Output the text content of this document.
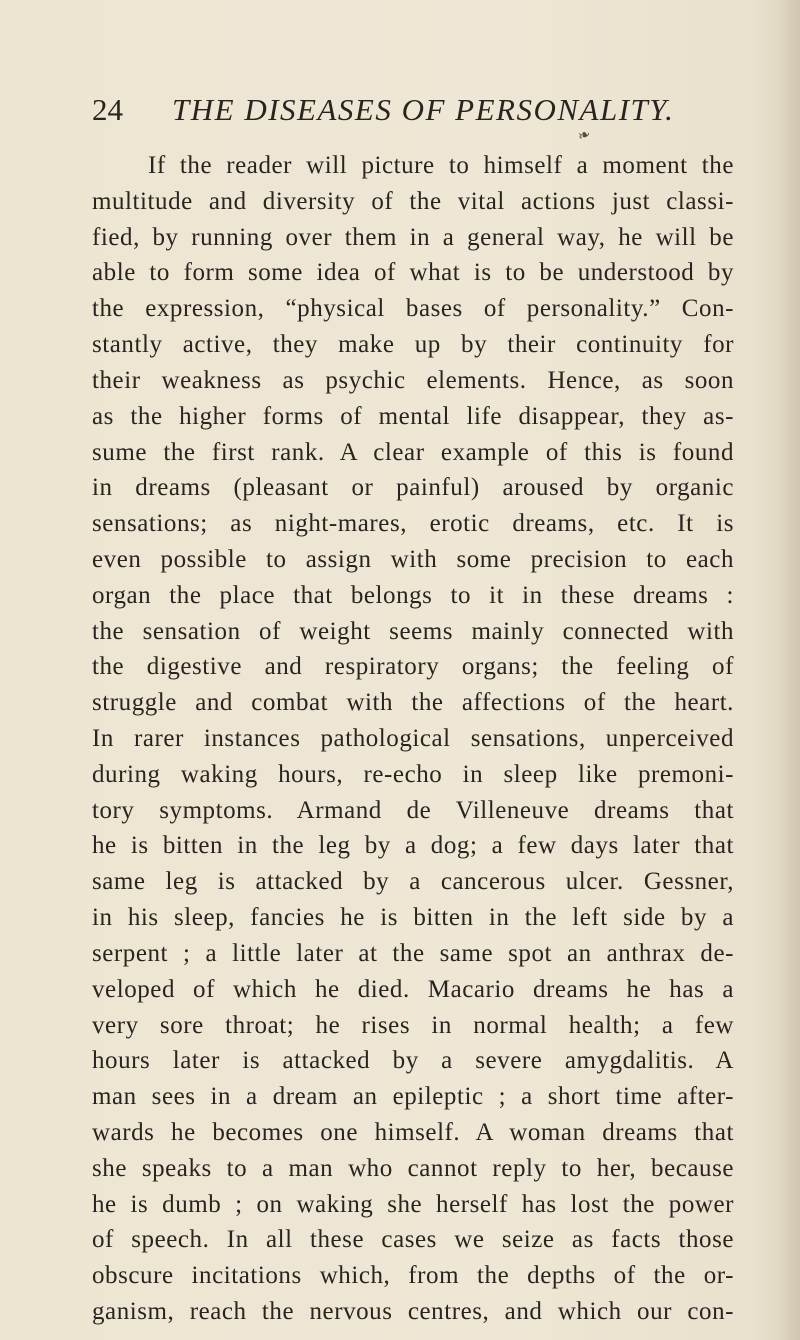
24	THE DISEASES OF PERSONALITY.
❧
If the reader will picture to himself a moment the
multitude and diversity of the vital actions just classi-
fied, by running over them in a general way, he will be
able to form some idea of what is to be understood by
the expression, “physical bases of personality.” Con-
stantly active, they make up by their continuity for
their weakness as psychic elements. Hence, as soon
as the higher forms of mental life disappear, they as-
sume the first rank. A clear example of this is found
in dreams (pleasant or painful) aroused by organic
sensations; as night-mares, erotic dreams, etc. It is
even possible to assign with some precision to each
organ the place that belongs to it in these dreams :
the sensation of weight seems mainly connected with
the digestive and respiratory organs; the feeling of
struggle and combat with the affections of the heart.
In rarer instances pathological sensations, unperceived
during waking hours, re-echo in sleep like premoni-
tory symptoms. Armand de Villeneuve dreams that
he is bitten in the leg by a dog; a few days later that
same leg is attacked by a cancerous ulcer. Gessner,
in his sleep, fancies he is bitten in the left side by a
serpent ; a little later at the same spot an anthrax de-
veloped of which he died. Macario dreams he has a
very sore throat; he rises in normal health; a few
hours later is attacked by a severe amygdalitis. A
man sees in a dream an epileptic ; a short time after-
wards he becomes one himself. A woman dreams that
she speaks to a man who cannot reply to her, because
he is dumb ; on waking she herself has lost the power
of speech. In all these cases we seize as facts those
obscure incitations which, from the depths of the or-
ganism, reach the nervous centres, and which our con-
